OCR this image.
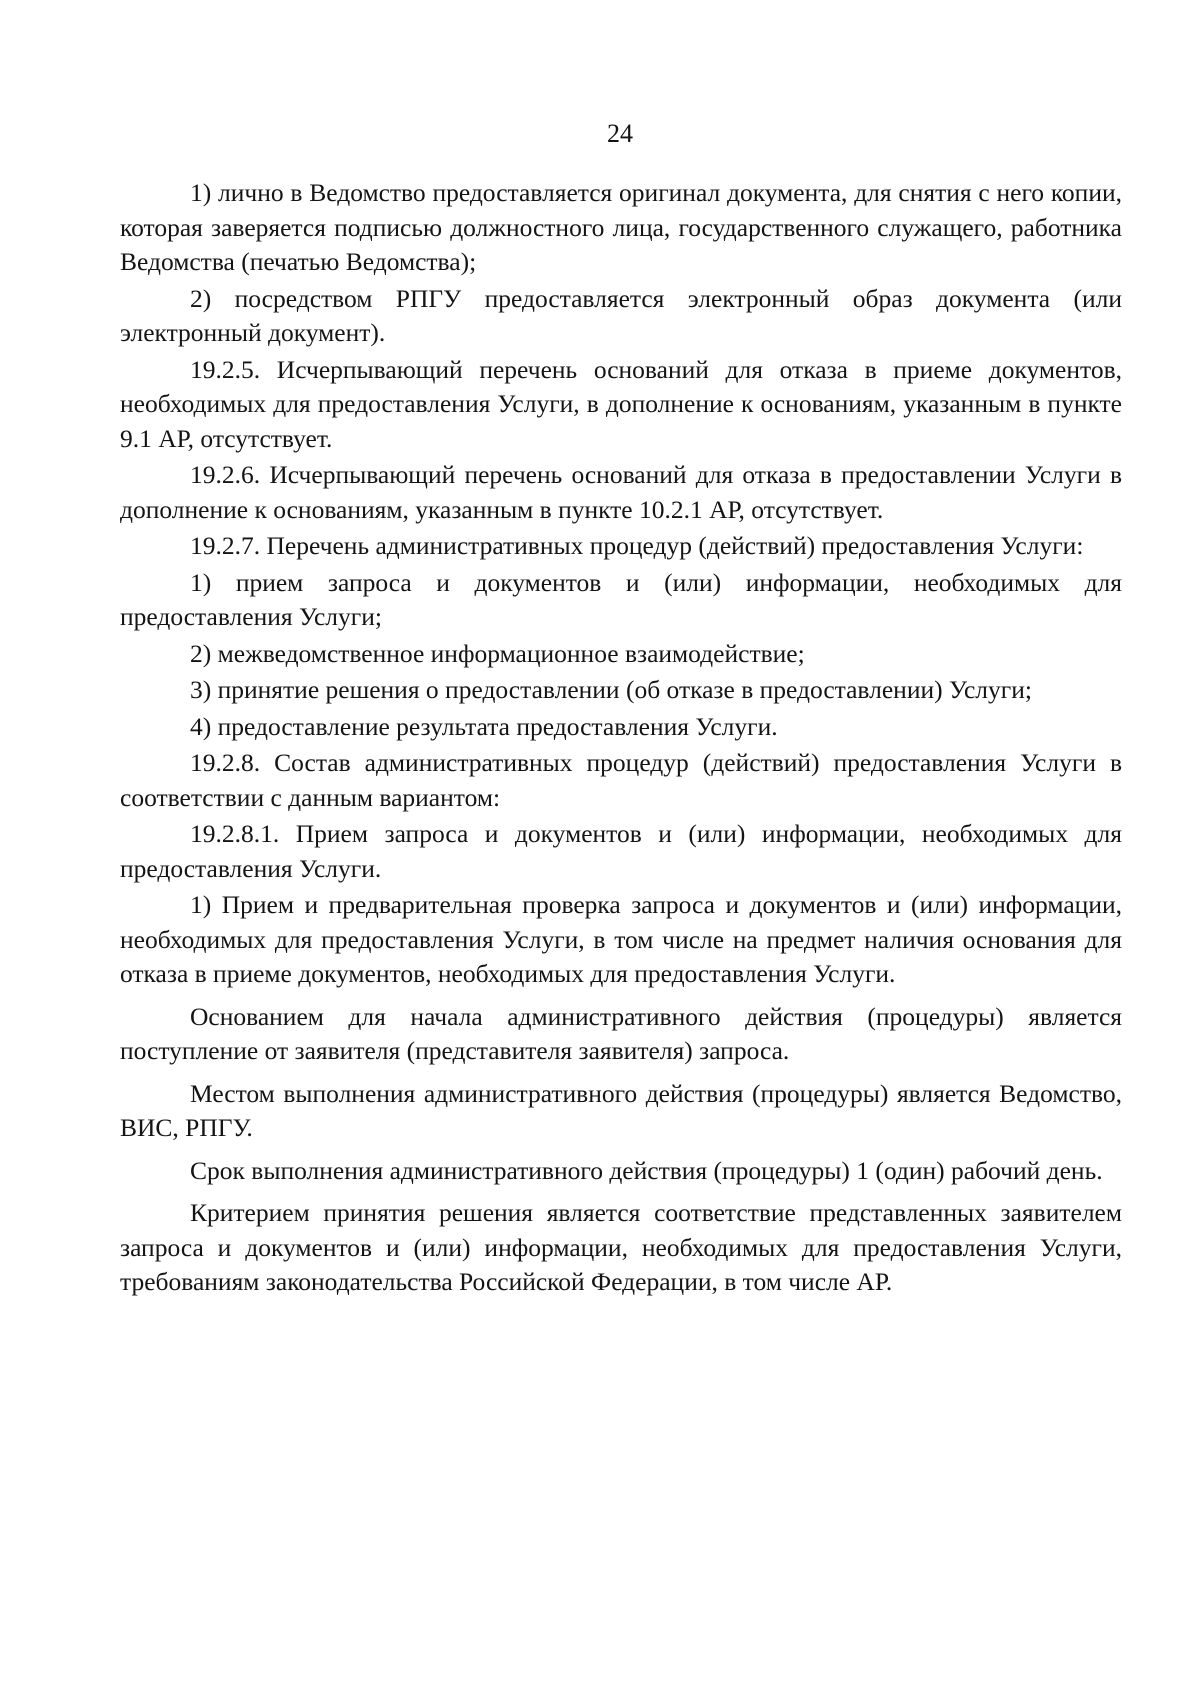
24

1) лично в Ведомство предоставляется оригинал документа, для снятия с него копии, которая заверяется подписью должностного лица, государственного служащего, работника Ведомства (печатью Ведомства);

2) посредством РПГУ предоставляется электронный образ документа (или электронный документ).

19.2.5. Исчерпывающий перечень оснований для отказа в приеме документов, необходимых для предоставления Услуги, в дополнение к основаниям, указанным в пункте 9.1 АР, отсутствует.

19.2.6. Исчерпывающий перечень оснований для отказа в предоставлении Услуги в дополнение к основаниям, указанным в пункте 10.2.1 АР, отсутствует.

19.2.7. Перечень административных процедур (действий) предоставления Услуги:

1) прием запроса и документов и (или) информации, необходимых для предоставления Услуги;

2) межведомственное информационное взаимодействие;

3) принятие решения о предоставлении (об отказе в предоставлении) Услуги;

4) предоставление результата предоставления Услуги.

19.2.8. Состав административных процедур (действий) предоставления Услуги в соответствии с данным вариантом:

19.2.8.1. Прием запроса и документов и (или) информации, необходимых для предоставления Услуги.

1) Прием и предварительная проверка запроса и документов и (или) информации, необходимых для предоставления Услуги, в том числе на предмет наличия основания для отказа в приеме документов, необходимых для предоставления Услуги.

Основанием для начала административного действия (процедуры) является поступление от заявителя (представителя заявителя) запроса.

Местом выполнения административного действия (процедуры) является Ведомство, ВИС, РПГУ.

Срок выполнения административного действия (процедуры) 1 (один) рабочий день.

Критерием принятия решения является соответствие представленных заявителем запроса и документов и (или) информации, необходимых для предоставления Услуги, требованиям законодательства Российской Федерации, в том числе АР.
